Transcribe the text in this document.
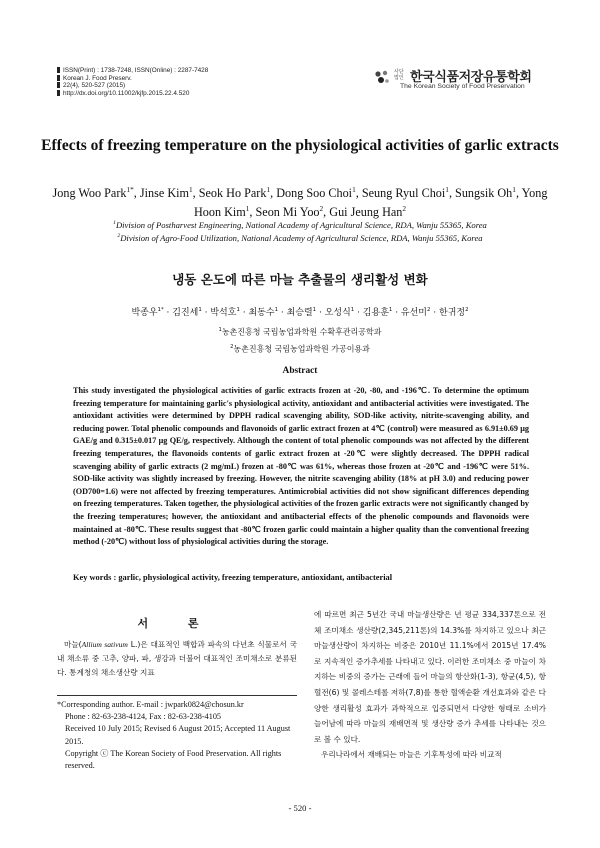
ISSN(Print) : 1738-7248, ISSN(Online) : 2287-7428
Korean J. Food Preserv.
22(4), 520-527 (2015)
http://dx.doi.org/10.11002/kjfp.2015.22.4.520
사단
법인 한국식품저장유통학회
The Korean Society of Food Preservation
Effects of freezing temperature on the physiological activities of garlic extracts
Jong Woo Park$^{1*}$, Jinse Kim$^1$, Seok Ho Park$^1$, Dong Soo Choi$^1$, Seung Ryul Choi$^1$, Sungsik Oh$^1$, Yong Hoon Kim$^1$, Seon Mi Yoo$^2$, Gui Jeung Han$^2$
$^1$Division of Postharvest Engineering, National Academy of Agricultural Science, RDA, Wanju 55365, Korea
$^2$Division of Agro-Food Utilization, National Academy of Agricultural Science, RDA, Wanju 55365, Korea
냉동 온도에 따른 마늘 추출물의 생리활성 변화
박종우$^{1*}$ · 김진세$^1$ · 박석호$^1$ · 최동수$^1$ · 최승렬$^1$ · 오성식$^1$ · 김용훈$^1$ · 유선미$^2$ · 한귀정$^2$
$^1$농촌진흥청 국립농업과학원 수확후관리공학과
$^2$농촌진흥청 국립농업과학원 가공이용과
Abstract
This study investigated the physiological activities of garlic extracts frozen at -20, -80, and -196℃. To determine the optimum freezing temperature for maintaining garlic's physiological activity, antioxidant and antibacterial activities were investigated. The antioxidant activities were determined by DPPH radical scavenging ability, SOD-like activity, nitrite-scavenging ability, and reducing power. Total phenolic compounds and flavonoids of garlic extract frozen at 4℃ (control) were measured as 6.91±0.69 μg GAE/g and 0.315±0.017 μg QE/g, respectively. Although the content of total phenolic compounds was not affected by the different freezing temperatures, the flavonoids contents of garlic extract frozen at -20℃ were slightly decreased. The DPPH radical scavenging ability of garlic extracts (2 mg/mL) frozen at -80℃ was 61%, whereas those frozen at -20℃ and -196℃ were 51%. SOD-like activity was slightly increased by freezing. However, the nitrite scavenging ability (18% at pH 3.0) and reducing power (OD700=1.6) were not affected by freezing temperatures. Antimicrobial activities did not show significant differences depending on freezing temperatures. Taken together, the physiological activities of the frozen garlic extracts were not significantly changed by the freezing temperatures; however, the antioxidant and antibacterial effects of the phenolic compounds and flavonoids were maintained at -80℃. These results suggest that -80℃ frozen garlic could maintain a higher quality than the conventional freezing method (-20℃) without loss of physiological activities during the storage.
Key words : garlic, physiological activity, freezing temperature, antioxidant, antibacterial
서 론

마늘(Allium sativum L.)은 대표적인 백합과 파속의 다년초 식물로서 국내 채소류 중 고추, 양파, 파, 생강과 더불어 대표적인 조미채소로 분류된다. 통계청의 채소생산량 지표

*Corresponding author. E-mail : jwpark0824@chosun.kr
Phone : 82-63-238-4124, Fax : 82-63-238-4105
Received 10 July 2015; Revised 6 August 2015; Accepted 11 August 2015.
Copyright ⓒ The Korean Society of Food Preservation. All rights reserved.

에 따르면 최근 5년간 국내 마늘생산량은 년 평균 334,337톤으로 전체 조미채소 생산량(2,345,211톤)의 14.3%를 차지하고 있으나 최근 마늘생산량이 차지하는 비중은 2010년 11.1%에서 2015년 17.4%로 지속적인 증가추세를 나타내고 있다. 이러한 조미채소 중 마늘이 차지하는 비중의 증가는 근래에 들어 마늘의 항산화(1-3), 항균(4,5), 항혈전(6) 및 콜레스테롤 저하(7,8)를 통한 혈액순환 개선효과와 같은 다양한 생리활성 효과가 과학적으로 입증되면서 다양한 형태로 소비가 늘어남에 따라 마늘의 재배면적 및 생산량 증가 추세를 나타내는 것으로 볼 수 있다.

우리나라에서 재배되는 마늘은 기후특성에 따라 비교적

- 520 -
